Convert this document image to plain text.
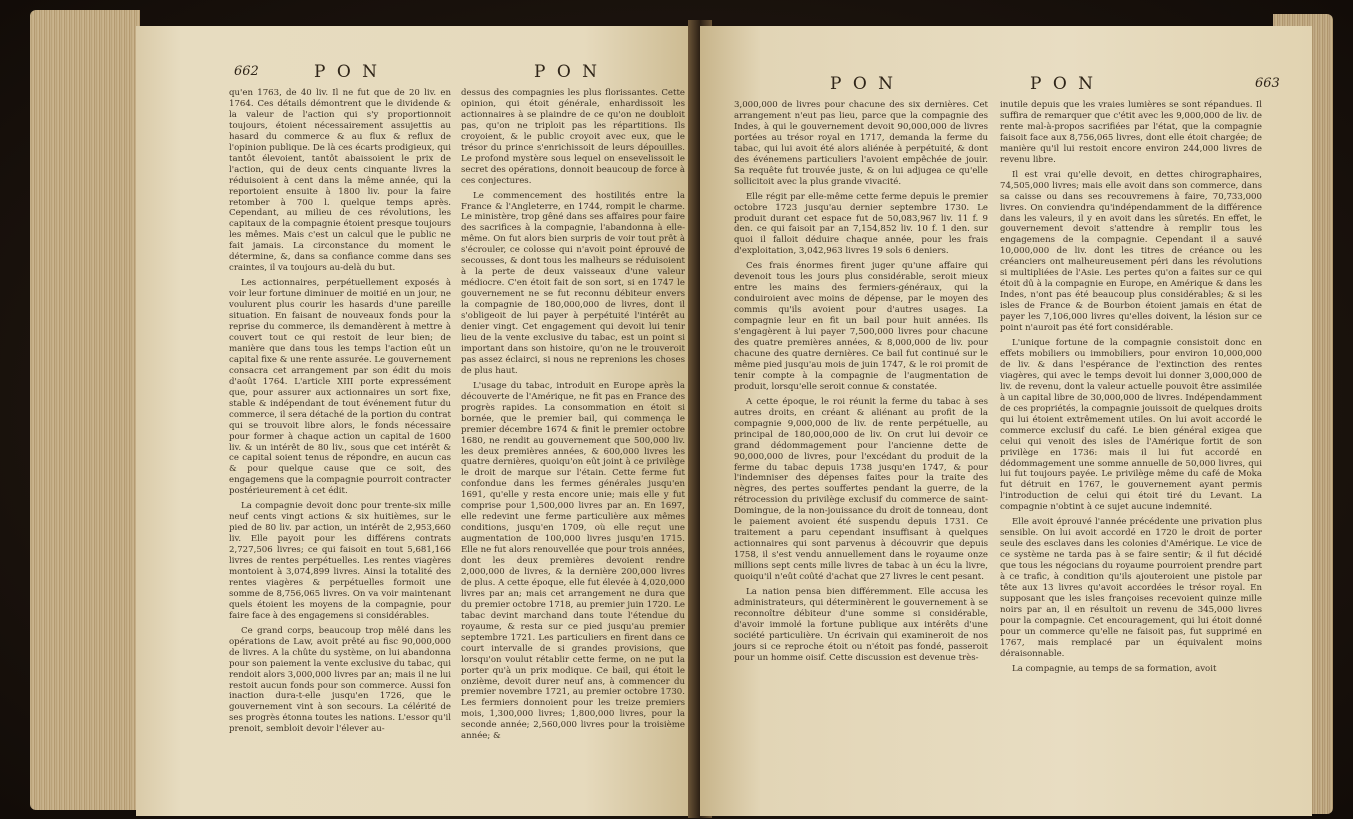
662	P O N	P O N

qu'en 1763, de 40 liv. Il ne fut que de 20 liv. en 1764. Ces détails démontrent que le dividende & la valeur de l'action qui s'y proportionnoit toujours, étoient nécessairement assujettis au hasard du commerce & au flux & reflux de l'opinion publique. De là ces écarts prodigieux, qui tantôt élevoient, tantôt abaissoient le prix de l'action, qui de deux cents cinquante livres la réduisoient à cent dans la même année, qui la reportoient ensuite à 1800 liv. pour la faire retomber à 700 l. quelque temps après. Cependant, au milieu de ces révolutions, les capitaux de la compagnie étoient presque toujours les mêmes. Mais c'est un calcul que le public ne fait jamais. La circonstance du moment le détermine, &, dans sa confiance comme dans ses craintes, il va toujours au-delà du but.

Les actionnaires, perpétuellement exposés à voir leur fortune diminuer de moitié en un jour, ne voulurent plus courir les hasards d'une pareille situation. En faisant de nouveaux fonds pour la reprise du commerce, ils demandèrent à mettre à couvert tout ce qui restoit de leur bien; de manière que dans tous les temps l'action eût un capital fixe & une rente assurée. Le gouvernement consacra cet arrangement par son édit du mois d'août 1764. L'article XIII porte expressément que, pour assurer aux actionnaires un sort fixe, stable & indépendant de tout événement futur du commerce, il sera détaché de la portion du contrat qui se trouvoit libre alors, le fonds nécessaire pour former à chaque action un capital de 1600 liv. & un intérêt de 80 liv., sous que cet intérêt & ce capital soient tenus de répondre, en aucun cas & pour quelque cause que ce soit, des engagemens que la compagnie pourroit contracter postérieurement à cet édit.

La compagnie devoit donc pour trente-six mille neuf cents vingt actions & six huitièmes, sur le pied de 80 liv. par action, un intérêt de 2,953,660 liv. Elle payoit pour les différens contrats 2,727,506 livres; ce qui faisoit en tout 5,681,166 livres de rentes perpétuelles. Les rentes viagères montoient à 3,074,899 livres. Ainsi la totalité des rentes viagères & perpétuelles formoit une somme de 8,756,065 livres. On va voir maintenant quels étoient les moyens de la compagnie, pour faire face à des engagemens si considérables.

Ce grand corps, beaucoup trop mêlé dans les opérations de Law, avoit prêté au fisc 90,000,000 de livres. A la chûte du système, on lui abandonna pour son paiement la vente exclusive du tabac, qui rendoit alors 3,000,000 livres par an; mais il ne lui restoit aucun fonds pour son commerce. Aussi fon inaction dura-t-elle jusqu'en 1726, que le gouvernement vint à son secours. La célérité de ses progrès étonna toutes les nations. L'essor qu'il prenoit, sembloit devoir l'élever au-

dessus des compagnies les plus florissantes. Cette opinion, qui étoit générale, enhardissoit les actionnaires à se plaindre de ce qu'on ne doubloit pas, qu'on ne triploit pas les répartitions. Ils croyoient, & le public croyoit avec eux, que le trésor du prince s'enrichissoit de leurs dépouilles. Le profond mystère sous lequel on ensevelissoit le secret des opérations, donnoit beaucoup de force à ces conjectures.

Le commencement des hostilités entre la France & l'Angleterre, en 1744, rompit le charme. Le ministère, trop gêné dans ses affaires pour faire des sacrifices à la compagnie, l'abandonna à elle-même. On fut alors bien surpris de voir tout prêt à s'écrouler, ce colosse qui n'avoit point éprouvé de secousses, & dont tous les malheurs se réduisoient à la perte de deux vaisseaux d'une valeur médiocre. C'en étoit fait de son sort, si en 1747 le gouvernement ne se fut reconnu débiteur envers la compagnie de 180,000,000 de livres, dont il s'obligeoit de lui payer à perpétuité l'intérêt au denier vingt. Cet engagement qui devoit lui tenir lieu de la vente exclusive du tabac, est un point si important dans son histoire, qu'on ne le trouveroit pas assez éclairci, si nous ne reprenions les choses de plus haut.

L'usage du tabac, introduit en Europe après la découverte de l'Amérique, ne fit pas en France des progrès rapides. La consommation en étoit si bornée, que le premier bail, qui commença le premier décembre 1674 & finit le premier octobre 1680, ne rendit au gouvernement que 500,000 liv. les deux premières années, & 600,000 livres les quatre dernières, quoiqu'on eût joint à ce privilège le droit de marque sur l'étain. Cette ferme fut confondue dans les fermes générales jusqu'en 1691, qu'elle y resta encore unie; mais elle y fut comprise pour 1,500,000 livres par an. En 1697, elle redevint une ferme particulière aux mêmes conditions, jusqu'en 1709, où elle reçut une augmentation de 100,000 livres jusqu'en 1715. Elle ne fut alors renouvellée que pour trois années, dont les deux premières devoient rendre 2,000,000 de livres, & la dernière 200,000 livres de plus. A cette époque, elle fut élevée à 4,020,000 livres par an; mais cet arrangement ne dura que du premier octobre 1718, au premier juin 1720. Le tabac devint marchand dans toute l'étendue du royaume, & resta sur ce pied jusqu'au premier septembre 1721. Les particuliers en firent dans ce court intervalle de si grandes provisions, que lorsqu'on voulut rétablir cette ferme, on ne put la porter qu'à un prix modique. Ce bail, qui étoit le onzième, devoit durer neuf ans, à commencer du premier novembre 1721, au premier octobre 1730. Les fermiers donnoient pour les treize premiers mois, 1,300,000 livres; 1,800,000 livres, pour la seconde année; 2,560,000 livres pour la troisième année; &

P O N	P O N	663

3,000,000 de livres pour chacune des six dernières. Cet arrangement n'eut pas lieu, parce que la compagnie des Indes, à qui le gouvernement devoit 90,000,000 de livres portées au trésor royal en 1717, demanda la ferme du tabac, qui lui avoit été alors aliénée à perpétuité, & dont des événemens particuliers l'avoient empêchée de jouir. Sa requête fut trouvée juste, & on lui adjugea ce qu'elle sollicitoit avec la plus grande vivacité.

Elle régit par elle-même cette ferme depuis le premier octobre 1723 jusqu'au dernier septembre 1730. Le produit durant cet espace fut de 50,083,967 liv. 11 f. 9 den. ce qui faisoit par an 7,154,852 liv. 10 f. 1 den. sur quoi il falloit déduire chaque année, pour les frais d'exploitation, 3,042,963 livres 19 sols 6 deniers.

Ces frais énormes firent juger qu'une affaire qui devenoit tous les jours plus considérable, seroit mieux entre les mains des fermiers-généraux, qui la conduiroient avec moins de dépense, par le moyen des commis qu'ils avoient pour d'autres usages. La compagnie leur en fit un bail pour huit années. Ils s'engagèrent à lui payer 7,500,000 livres pour chacune des quatre premières années, & 8,000,000 de liv. pour chacune des quatre dernières. Ce bail fut continué sur le même pied jusqu'au mois de juin 1747, & le roi promit de tenir compte à la compagnie de l'augmentation de produit, lorsqu'elle seroit connue & constatée.

A cette époque, le roi réunit la ferme du tabac à ses autres droits, en créant & aliénant au profit de la compagnie 9,000,000 de liv. de rente perpétuelle, au principal de 180,000,000 de liv. On crut lui devoir ce grand dédommagement pour l'ancienne dette de 90,000,000 de livres, pour l'excédant du produit de la ferme du tabac depuis 1738 jusqu'en 1747, & pour l'indemniser des dépenses faites pour la traite des nègres, des pertes souffertes pendant la guerre, de la rétrocession du privilège exclusif du commerce de saint-Domingue, de la non-jouissance du droit de tonneau, dont le paiement avoient été suspendu depuis 1731. Ce traitement a paru cependant insuffisant à quelques actionnaires qui sont parvenus à découvrir que depuis 1758, il s'est vendu annuellement dans le royaume onze millions sept cents mille livres de tabac à un écu la livre, quoiqu'il n'eût coûté d'achat que 27 livres le cent pesant.

La nation pensa bien différemment. Elle accusa les administrateurs, qui déterminèrent le gouvernement à se reconnoître débiteur d'une somme si considérable, d'avoir immolé la fortune publique aux intérêts d'une société particulière. Un écrivain qui examineroit de nos jours si ce reproche étoit ou n'étoit pas fondé, passeroit pour un homme oisif. Cette discussion est devenue très-

inutile depuis que les vraies lumières se sont répandues. Il suffira de remarquer que c'étit avec les 9,000,000 de liv. de rente mal-à-propos sacrifiées par l'état, que la compagnie faisoit face aux 8,756,065 livres, dont elle étoit chargée; de manière qu'il lui restoit encore environ 244,000 livres de revenu libre.

Il est vrai qu'elle devoit, en dettes chirographaires, 74,505,000 livres; mais elle avoit dans son commerce, dans sa caisse ou dans ses recouvremens à faire, 70,733,000 livres. On conviendra qu'indépendamment de la différence dans les valeurs, il y en avoit dans les sûretés. En effet, le gouvernement devoit s'attendre à remplir tous les engagemens de la compagnie. Cependant il a sauvé 10,000,000 de liv. dont les titres de créance ou les créanciers ont malheureusement péri dans les révolutions si multipliées de l'Asie. Les pertes qu'on a faites sur ce qui étoit dû à la compagnie en Europe, en Amérique & dans les Indes, n'ont pas été beaucoup plus considérables; & si les isles de France & de Bourbon étoient jamais en état de payer les 7,106,000 livres qu'elles doivent, la lésion sur ce point n'auroit pas été fort considérable.

L'unique fortune de la compagnie consistoit donc en effets mobiliers ou immobiliers, pour environ 10,000,000 de liv. & dans l'espérance de l'extinction des rentes viagères, qui avec le temps devoit lui donner 3,000,000 de liv. de revenu, dont la valeur actuelle pouvoit être assimilée à un capital libre de 30,000,000 de livres. Indépendamment de ces propriétés, la compagnie jouissoit de quelques droits qui lui étoient extrêmement utiles. On lui avoit accordé le commerce exclusif du café. Le bien général exigea que celui qui venoit des isles de l'Amérique fortit de son privilège en 1736: mais il lui fut accordé en dédommagement une somme annuelle de 50,000 livres, qui lui fut toujours payée. Le privilège même du café de Moka fut détruit en 1767, le gouvernement ayant permis l'introduction de celui qui étoit tiré du Levant. La compagnie n'obtint à ce sujet aucune indemnité.

Elle avoit éprouvé l'année précédente une privation plus sensible. On lui avoit accordé en 1720 le droit de porter seule des esclaves dans les colonies d'Amérique. Le vice de ce système ne tarda pas à se faire sentir; & il fut décidé que tous les négocians du royaume pourroient prendre part à ce trafic, à condition qu'ils ajouteroient une pistole par tête aux 13 livres qu'avoit accordées le trésor royal. En supposant que les isles françoises recevoient quinze mille noirs par an, il en résultoit un revenu de 345,000 livres pour la compagnie. Cet encouragement, qui lui étoit donné pour un commerce qu'elle ne faisoit pas, fut supprimé en 1767, mais remplacé par un équivalent moins déraisonnable.

La compagnie, au temps de sa formation, avoit
